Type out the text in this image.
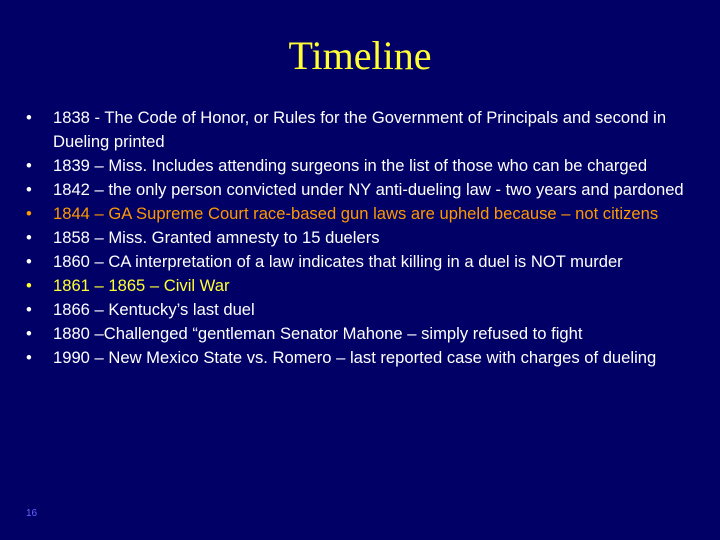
Timeline
• 1838 - The Code of Honor, or Rules for the Government of Principals and second in Dueling printed
• 1839 – Miss. Includes attending surgeons in the list of those who can be charged
• 1842 – the only person convicted under NY anti-dueling law - two years and pardoned
• 1844 – GA Supreme Court race-based gun laws are upheld because – not citizens
• 1858 – Miss. Granted amnesty to 15 duelers
• 1860 – CA interpretation of a law indicates that killing in a duel is NOT murder
• 1861 – 1865 – Civil War
• 1866 – Kentucky’s last duel
• 1880 –Challenged “gentleman Senator Mahone – simply refused to fight
• 1990 – New Mexico State vs. Romero – last reported case with charges of dueling
16
